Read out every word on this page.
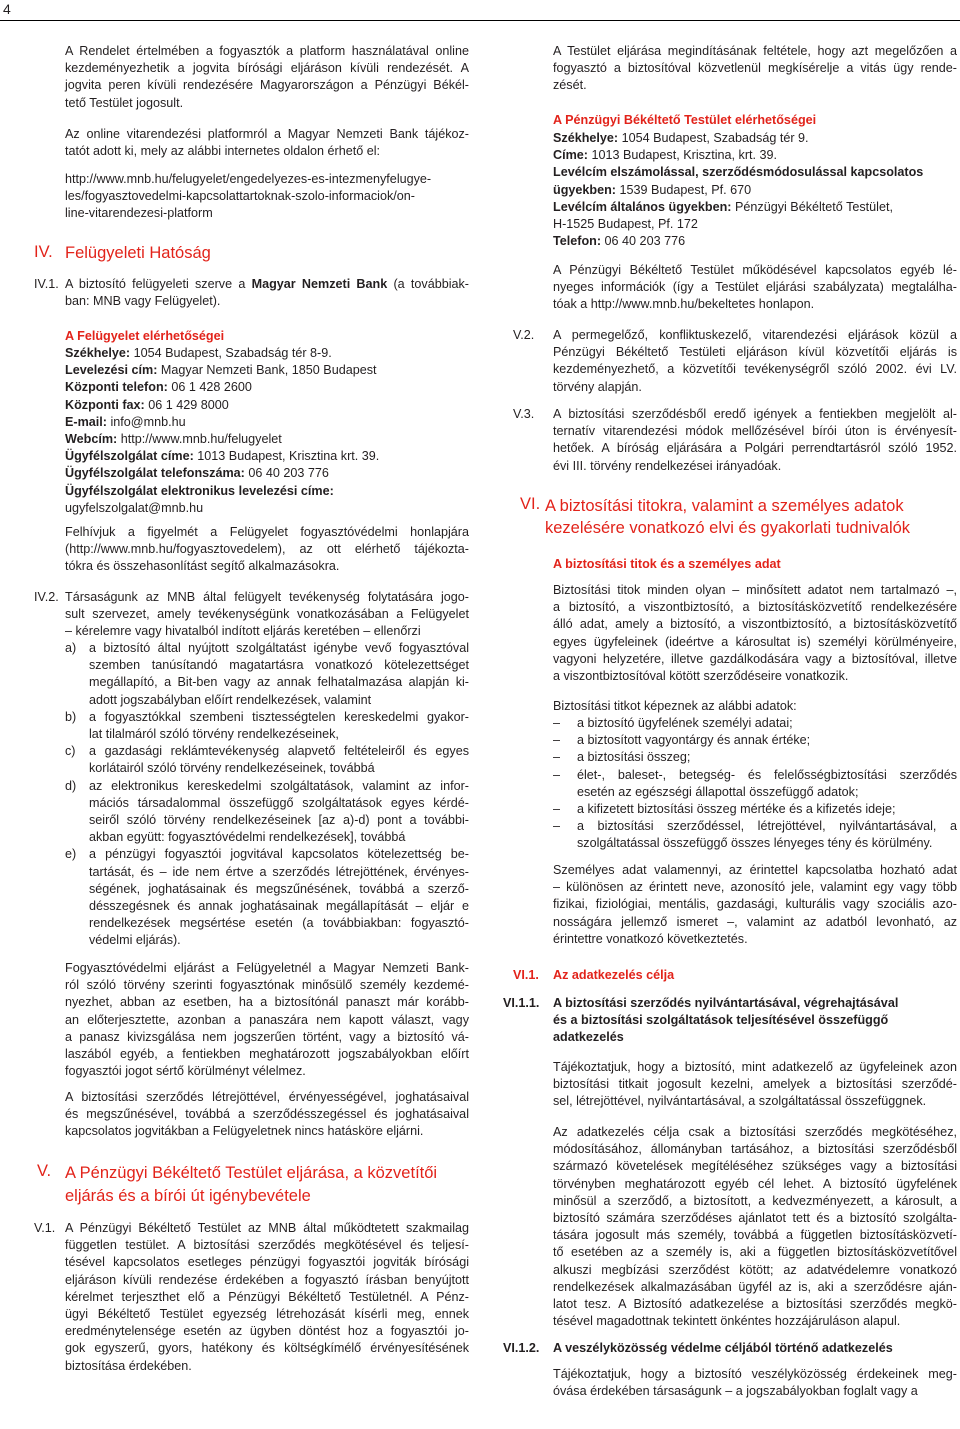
4
A Rendelet értelmében a fogyasztók a platform használatával online
kezdeményezhetik a jogvita bírósági eljáráson kívüli rendezését. A
jogvita peren kívüli rendezésére Magyarországon a Pénzügyi Békél-
tető Testület jogosult.
Az online vitarendezési platformról a Magyar Nemzeti Bank tájékoz-
tatót adott ki, mely az alábbi internetes oldalon érhető el:
http://www.mnb.hu/felugyelet/engedelyezes-es-intezmenyfelugye-
les/fogyasztovedelmi-kapcsolattartoknak-szolo-informaciok/on-
line-vitarendezesi-platform
IV. Felügyeleti Hatóság
IV.1. A biztosító felügyeleti szerve a Magyar Nemzeti Bank (a továbbiak-
ban: MNB vagy Felügyelet).
A Felügyelet elérhetőségei
Székhelye: 1054 Budapest, Szabadság tér 8-9.
Levelezési cím: Magyar Nemzeti Bank, 1850 Budapest
Központi telefon: 06 1 428 2600
Központi fax: 06 1 429 8000
E-mail: info@mnb.hu
Webcím: http://www.mnb.hu/felugyelet
Ügyfélszolgálat címe: 1013 Budapest, Krisztina krt. 39.
Ügyfélszolgálat telefonszáma: 06 40 203 776
Ügyfélszolgálat elektronikus levelezési címe:
ugyfelszolgalat@mnb.hu
Felhívjuk a figyelmét a Felügyelet fogyasztóvédelmi honlapjára
(http://www.mnb.hu/fogyasztovedelem), az ott elérhető tájékozta-
tókra és összehasonlítást segítő alkalmazásokra.
IV.2. Társaságunk az MNB által felügyelt tevékenység folytatására jogo-
sult szervezet, amely tevékenységünk vonatkozásában a Felügyelet
– kérelemre vagy hivatalból indított eljárás keretében – ellenőrzi
a) a biztosító által nyújtott szolgáltatást igénybe vevő fogyasztóval
szemben tanúsítandó magatartásra vonatkozó kötelezettséget
megállapító, a Bit-ben vagy az annak felhatalmazása alapján ki-
adott jogszabályban előírt rendelkezések, valamint
b) a fogyasztókkal szembeni tisztességtelen kereskedelmi gyakor-
lat tilalmáról szóló törvény rendelkezéseinek,
c) a gazdasági reklámtevékenység alapvető feltételeiről és egyes
korlátairól szóló törvény rendelkezéseinek, továbbá
d) az elektronikus kereskedelmi szolgáltatások, valamint az infor-
mációs társadalommal összefüggő szolgáltatások egyes kérdé-
seiről szóló törvény rendelkezéseinek [az a)-d) pont a további-
akban együtt: fogyasztóvédelmi rendelkezések], továbbá
e) a pénzügyi fogyasztói jogvitával kapcsolatos kötelezettség be-
tartását, és – ide nem értve a szerződés létrejöttének, érvényes-
ségének, joghatásainak és megszűnésének, továbbá a szerző-
désszegésnek és annak joghatásainak megállapítását – eljár e
rendelkezések megsértése esetén (a továbbiakban: fogyasztó-
védelmi eljárás).
Fogyasztóvédelmi eljárást a Felügyeletnél a Magyar Nemzeti Bank-
ról szóló törvény szerinti fogyasztónak minősülő személy kezdemé-
nyezhet, abban az esetben, ha a biztosítónál panaszt már korább-
an előterjesztette, azonban a panaszára nem kapott választ, vagy
a panasz kivizsgálása nem jogszerűen történt, vagy a biztosító vá-
laszából egyéb, a fentiekben meghatározott jogszabályokban előírt
fogyasztói jogot sértő körülményt vélelmez.
A biztosítási szerződés létrejöttével, érvényességével, joghatásaival
és megszűnésével, továbbá a szerződésszegéssel és joghatásaival
kapcsolatos jogvitákban a Felügyeletnek nincs hatásköre eljárni.
V. A Pénzügyi Békéltető Testület eljárása, a közvetítői
eljárás és a bírói út igénybevétele
V.1. A Pénzügyi Békéltető Testület az MNB által működtetett szakmailag
független testület. A biztosítási szerződés megkötésével és teljesí-
tésével kapcsolatos esetleges pénzügyi fogyasztói jogviták bírósági
eljáráson kívüli rendezése érdekében a fogyasztó írásban benyújtott
kérelmet terjeszthet elő a Pénzügyi Békéltető Testületnél. A Pénz-
ügyi Békéltető Testület egyezség létrehozását kísérli meg, ennek
eredménytelensége esetén az ügyben döntést hoz a fogyasztói jo-
gok egyszerű, gyors, hatékony és költségkímélő érvényesítésének
biztosítása érdekében.
A Testület eljárása megindításának feltétele, hogy azt megelőzően a
fogyasztó a biztosítóval közvetlenül megkísérelje a vitás ügy rende-
zését.
A Pénzügyi Békéltető Testület elérhetőségei
Székhelye: 1054 Budapest, Szabadság tér 9.
Címe: 1013 Budapest, Krisztina, krt. 39.
Levélcím elszámolással, szerződésmódosulással kapcsolatos
ügyekben: 1539 Budapest, Pf. 670
Levélcím általános ügyekben: Pénzügyi Békéltető Testület,
H-1525 Budapest, Pf. 172
Telefon: 06 40 203 776
A Pénzügyi Békéltető Testület működésével kapcsolatos egyéb lé-
nyeges információk (így a Testület eljárási szabályzata) megtalálha-
tóak a http://www.mnb.hu/bekeltetes honlapon.
V.2. A permegelőző, konfliktuskezelő, vitarendezési eljárások közül a
Pénzügyi Békéltető Testületi eljáráson kívül közvetítői eljárás is
kezdeményezhető, a közvetítői tevékenységről szóló 2002. évi LV.
törvény alapján.
V.3. A biztosítási szerződésből eredő igények a fentiekben megjelölt al-
ternatív vitarendezési módok mellőzésével bírói úton is érvényesít-
hetőek. A bíróság eljárására a Polgári perrendtartásról szóló 1952.
évi III. törvény rendelkezései irányadóak.
VI. A biztosítási titokra, valamint a személyes adatok
kezelésére vonatkozó elvi és gyakorlati tudnivalók
A biztosítási titok és a személyes adat
Biztosítási titok minden olyan – minősített adatot nem tartalmazó –,
a biztosító, a viszontbiztosító, a biztosításközvetítő rendelkezésére
álló adat, amely a biztosító, a viszontbiztosító, a biztosításközvetítő
egyes ügyfeleinek (ideértve a károsultat is) személyi körülményeire,
vagyoni helyzetére, illetve gazdálkodására vagy a biztosítóval, illetve
a viszontbiztosítóval kötött szerződéseire vonatkozik.
Biztosítási titkot képeznek az alábbi adatok:
– a biztosító ügyfelének személyi adatai;
– a biztosított vagyontárgy és annak értéke;
– a biztosítási összeg;
– élet-, baleset-, betegség- és felelősségbiztosítási szerződés
esetén az egészségi állapottal összefüggő adatok;
– a kifizetett biztosítási összeg mértéke és a kifizetés ideje;
– a biztosítási szerződéssel, létrejöttével, nyilvántartásával, a
szolgáltatással összefüggő összes lényeges tény és körülmény.
Személyes adat valamennyi, az érintettel kapcsolatba hozható adat
– különösen az érintett neve, azonosító jele, valamint egy vagy több
fizikai, fiziológiai, mentális, gazdasági, kulturális vagy szociális azo-
nosságára jellemző ismeret –, valamint az adatból levonható, az
érintettre vonatkozó következtetés.
VI.1. Az adatkezelés célja
VI.1.1. A biztosítási szerződés nyilvántartásával, végrehajtásával
és a biztosítási szolgáltatások teljesítésével összefüggő
adatkezelés
Tájékoztatjuk, hogy a biztosító, mint adatkezelő az ügyfeleinek azon
biztosítási titkait jogosult kezelni, amelyek a biztosítási szerződé-
sel, létrejöttével, nyilvántartásával, a szolgáltatással összefüggnek.
Az adatkezelés célja csak a biztosítási szerződés megkötéséhez,
módosításához, állományban tartásához, a biztosítási szerződésből
származó követelések megítéléséhez szükséges vagy a biztosítási
törvényben meghatározott egyéb cél lehet. A biztosító ügyfelének
minősül a szerződő, a biztosított, a kedvezményezett, a károsult, a
biztosító számára szerződéses ajánlatot tett és a biztosító szolgálta-
tására jogosult más személy, továbbá a független biztosításközvetí-
tő esetében az a személy is, aki a független biztosításközvetítővel
alkuszi megbízási szerződést kötött; az adatvédelemre vonatkozó
rendelkezések alkalmazásában ügyfél az is, aki a szerződésre aján-
latot tesz. A Biztosító adatkezelése a biztosítási szerződés megkö-
tésével magadottnak tekintett önkéntes hozzájáruláson alapul.
VI.1.2. A veszélyközösség védelme céljából történő adatkezelés
Tájékoztatjuk, hogy a biztosító veszélyközösség érdekeinek meg-
óvása érdekében társaságunk – a jogszabályokban foglalt vagy a
